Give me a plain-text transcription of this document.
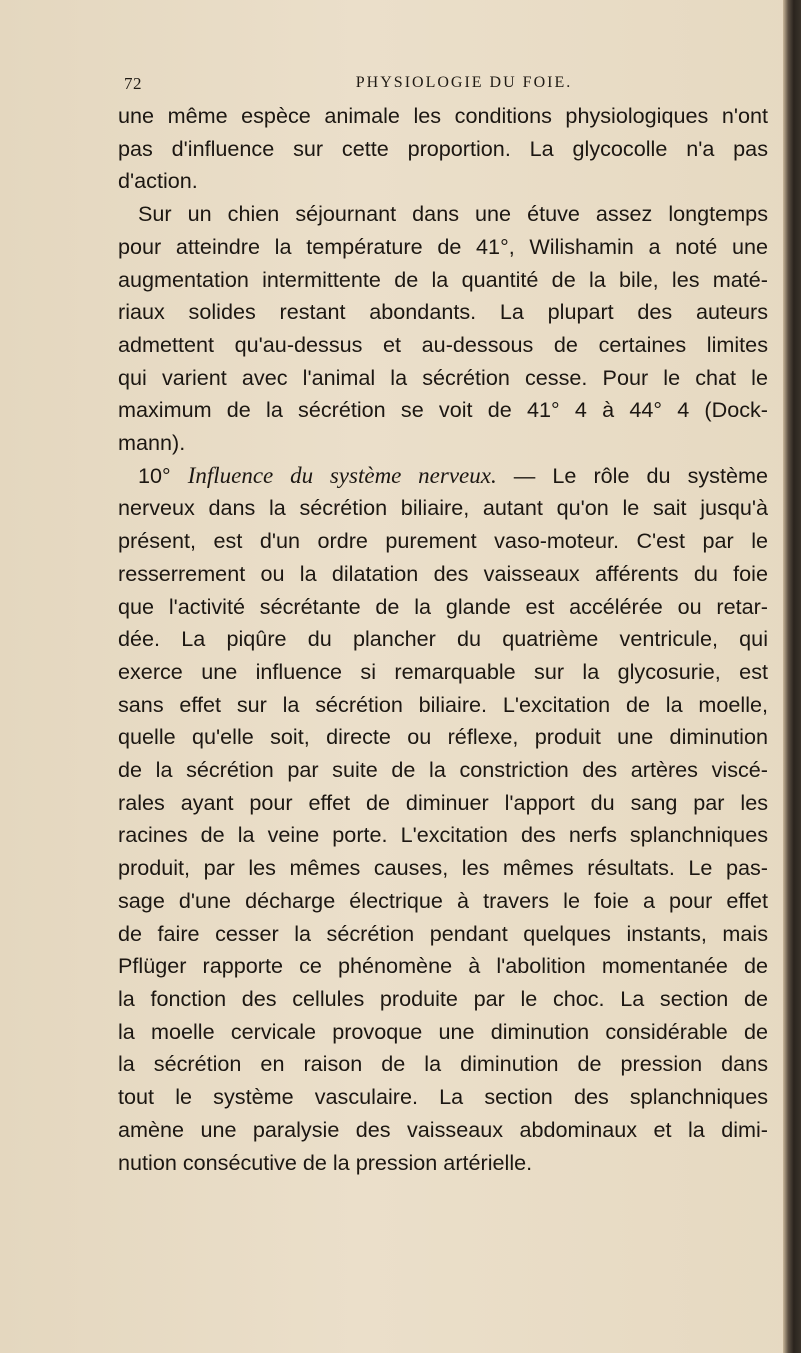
72	PHYSIOLOGIE DU FOIE.
une même espèce animale les conditions physiologiques n'ont
pas d'influence sur cette proportion. La glycocolle n'a pas
d'action.
Sur un chien séjournant dans une étuve assez longtemps
pour atteindre la température de 41°, Wilishamin a noté une
augmentation intermittente de la quantité de la bile, les maté-
riaux solides restant abondants. La plupart des auteurs
admettent qu'au-dessus et au-dessous de certaines limites
qui varient avec l'animal la sécrétion cesse. Pour le chat le
maximum de la sécrétion se voit de 41° 4 à 44° 4 (Dock-
mann).
10° Influence du système nerveux. — Le rôle du système
nerveux dans la sécrétion biliaire, autant qu'on le sait jusqu'à
présent, est d'un ordre purement vaso-moteur. C'est par le
resserrement ou la dilatation des vaisseaux afférents du foie
que l'activité sécrétante de la glande est accélérée ou retar-
dée. La piqûre du plancher du quatrième ventricule, qui
exerce une influence si remarquable sur la glycosurie, est
sans effet sur la sécrétion biliaire. L'excitation de la moelle,
quelle qu'elle soit, directe ou réflexe, produit une diminution
de la sécrétion par suite de la constriction des artères viscé-
rales ayant pour effet de diminuer l'apport du sang par les
racines de la veine porte. L'excitation des nerfs splanchniques
produit, par les mêmes causes, les mêmes résultats. Le pas-
sage d'une décharge électrique à travers le foie a pour effet
de faire cesser la sécrétion pendant quelques instants, mais
Pflüger rapporte ce phénomène à l'abolition momentanée de
la fonction des cellules produite par le choc. La section de
la moelle cervicale provoque une diminution considérable de
la sécrétion en raison de la diminution de pression dans
tout le système vasculaire. La section des splanchniques
amène une paralysie des vaisseaux abdominaux et la dimi-
nution consécutive de la pression artérielle.
